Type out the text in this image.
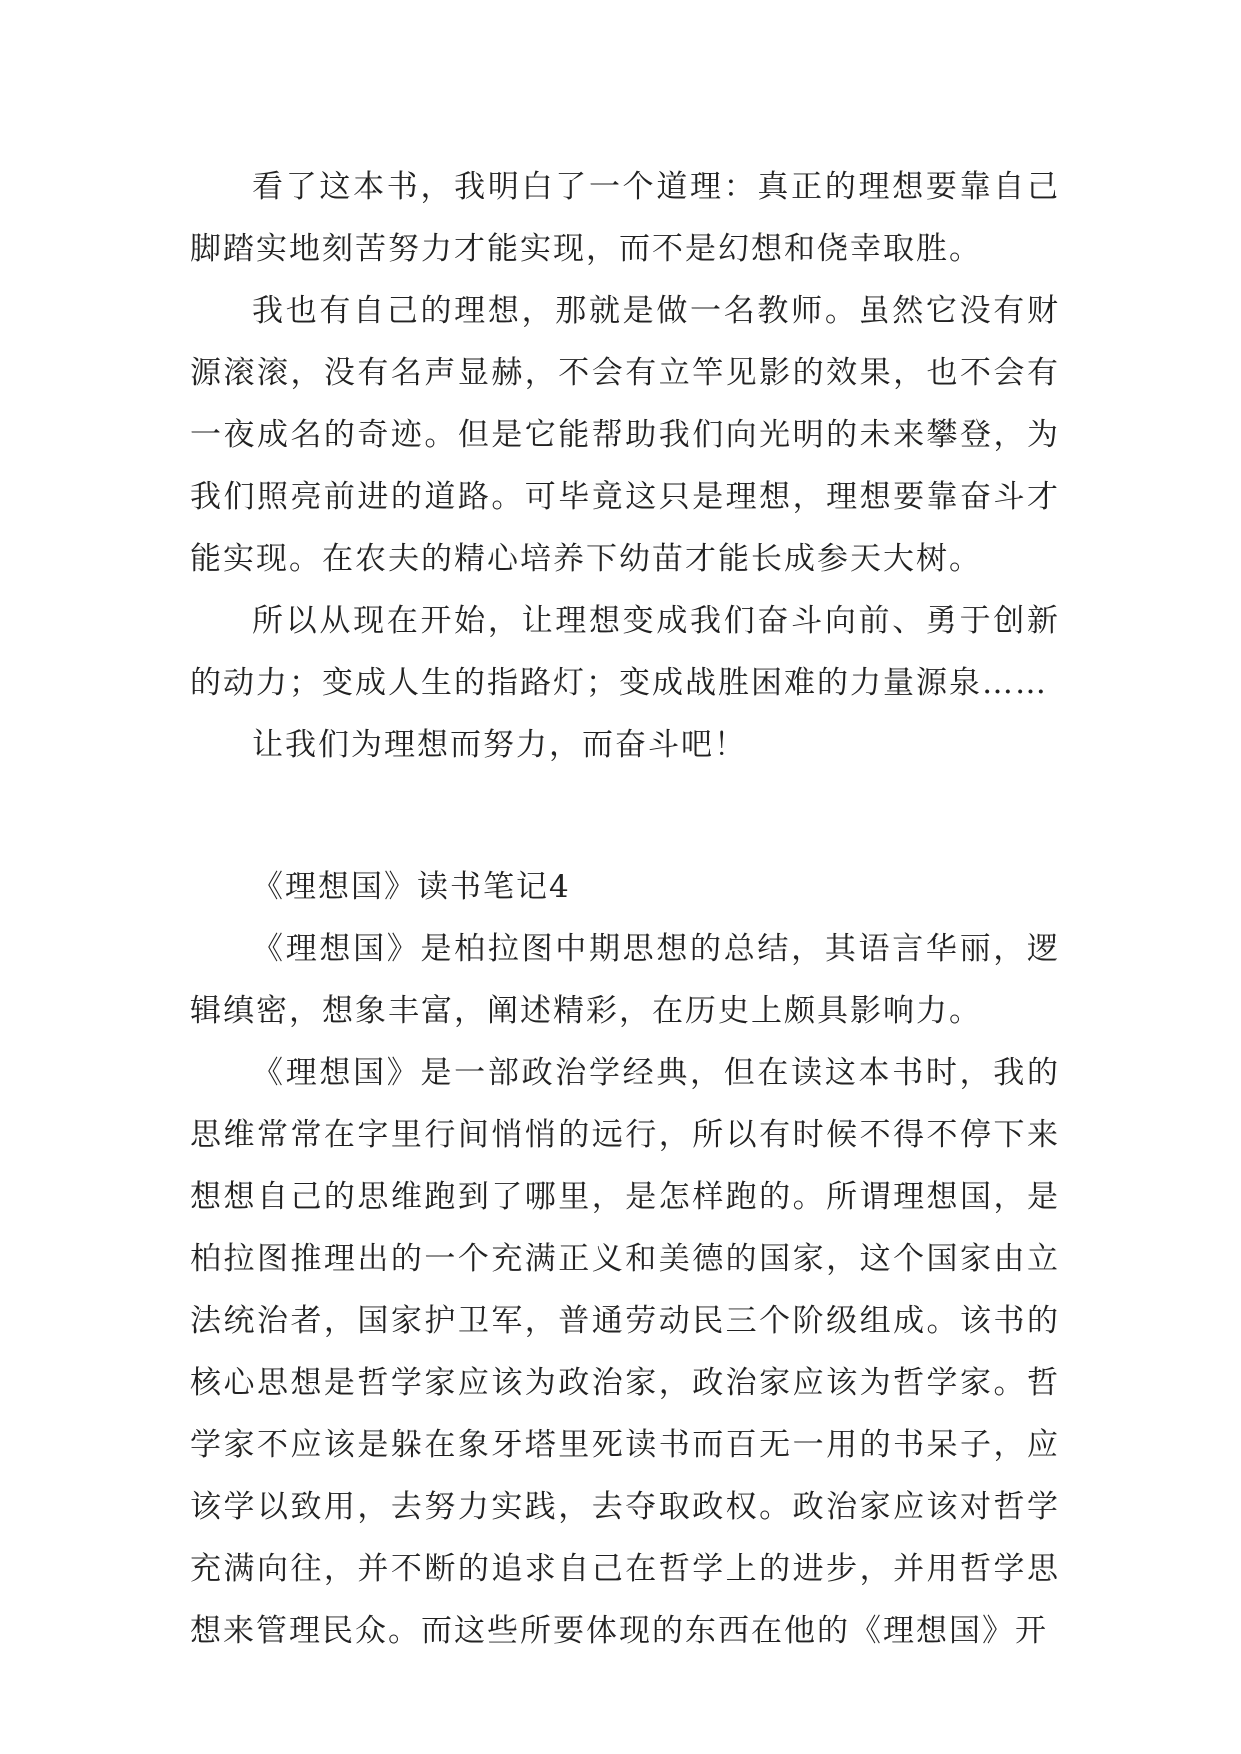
看了这本书，我明白了一个道理：真正的理想要靠自己脚踏实地刻苦努力才能实现，而不是幻想和侥幸取胜。

我也有自己的理想，那就是做一名教师。虽然它没有财源滚滚，没有名声显赫，不会有立竿见影的效果，也不会有一夜成名的奇迹。但是它能帮助我们向光明的未来攀登，为我们照亮前进的道路。可毕竟这只是理想，理想要靠奋斗才能实现。在农夫的精心培养下幼苗才能长成参天大树。

所以从现在开始，让理想变成我们奋斗向前、勇于创新的动力；变成人生的指路灯；变成战胜困难的力量源泉……

让我们为理想而努力，而奋斗吧！

《理想国》读书笔记4

《理想国》是柏拉图中期思想的总结，其语言华丽，逻辑缜密，想象丰富，阐述精彩，在历史上颇具影响力。

《理想国》是一部政治学经典，但在读这本书时，我的思维常常在字里行间悄悄的远行，所以有时候不得不停下来想想自己的思维跑到了哪里，是怎样跑的。所谓理想国，是柏拉图推理出的一个充满正义和美德的国家，这个国家由立法统治者，国家护卫军，普通劳动民三个阶级组成。该书的核心思想是哲学家应该为政治家，政治家应该为哲学家。哲学家不应该是躲在象牙塔里死读书而百无一用的书呆子，应该学以致用，去努力实践，去夺取政权。政治家应该对哲学充满向往，并不断的追求自己在哲学上的进步，并用哲学思想来管理民众。而这些所要体现的东西在他的《理想国》开
